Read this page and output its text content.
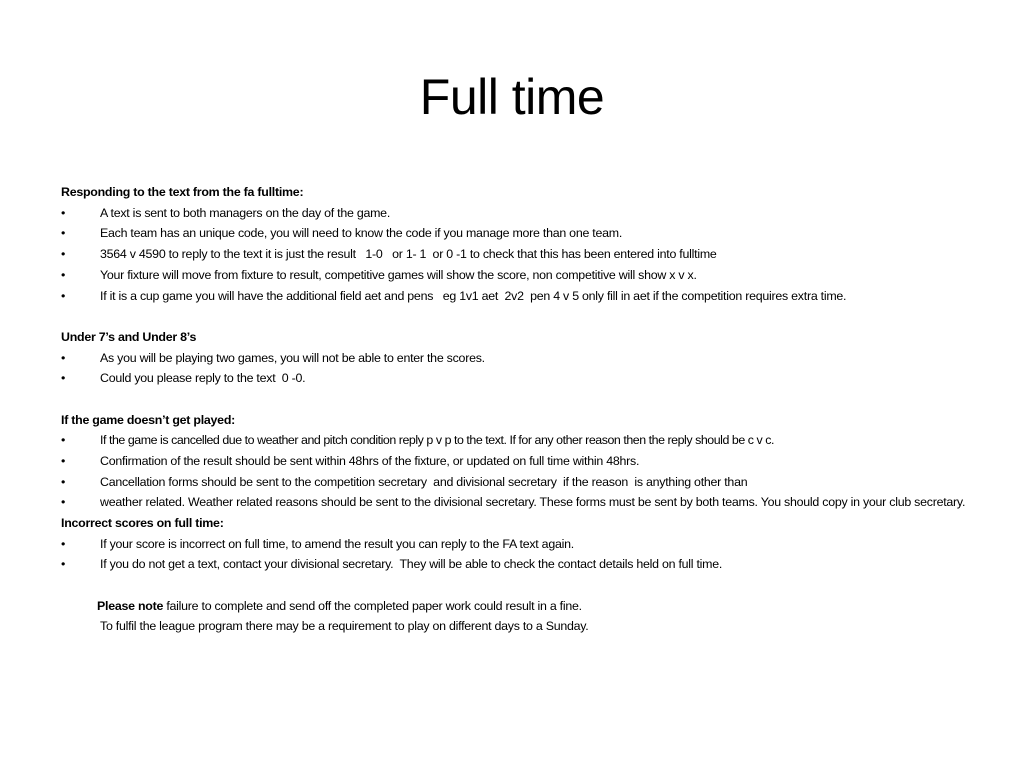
Full time
Responding to the text from the fa fulltime:
•	A text is sent to both managers on the day of the game.
•	Each team has an unique code, you will need to know the code if you manage more than one team.
•	3564 v 4590 to reply to the text it is just the result   1-0   or 1- 1  or 0 -1 to check that this has been entered into fulltime
•	Your fixture will move from fixture to result, competitive games will show the score, non competitive will show x v x.
•	If it is a cup game you will have the additional field aet and pens   eg 1v1 aet  2v2  pen 4 v 5 only fill in aet if the competition requires extra time.
Under 7’s and Under 8’s
•	As you will be playing two games, you will not be able to enter the scores.
•	Could you please reply to the text  0 -0.
If the game doesn’t get played:
•	If the game is cancelled due to weather and pitch condition reply p v p to the text. If for any other reason then the reply should be c v c.
•	Confirmation of the result should be sent within 48hrs of the fixture, or updated on full time within 48hrs.
•	Cancellation forms should be sent to the competition secretary  and divisional secretary  if the reason  is anything other than
•	weather related. Weather related reasons should be sent to the divisional secretary. These forms must be sent by both teams. You should copy in your club secretary.
Incorrect scores on full time:
•	If your score is incorrect on full time, to amend the result you can reply to the FA text again.
•	If you do not get a text, contact your divisional secretary.  They will be able to check the contact details held on full time.
Please note failure to complete and send off the completed paper work could result in a fine.
To fulfil the league program there may be a requirement to play on different days to a Sunday.
